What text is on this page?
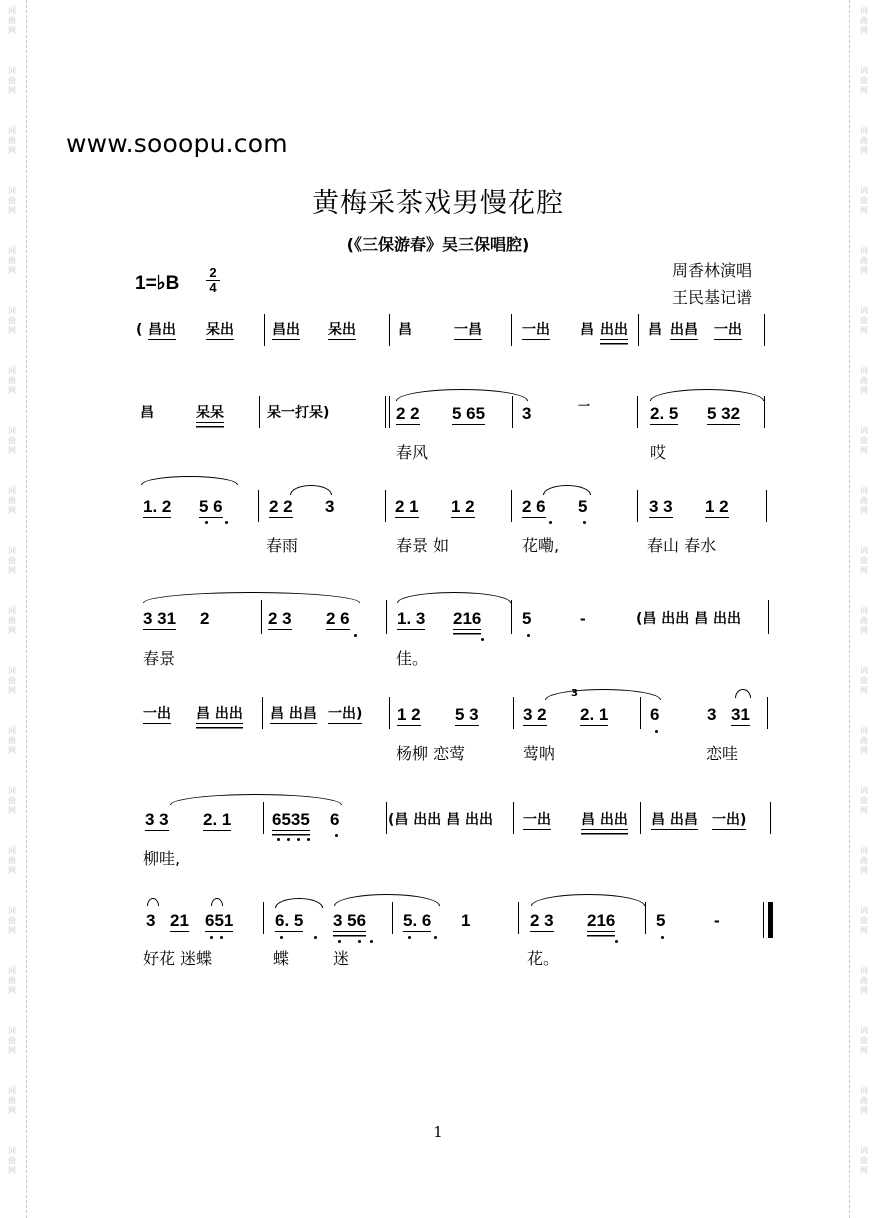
词
曲
网
词
曲
网
词
曲
网
词
曲
网
词
曲
网
词
曲
网
词
曲
网
词
曲
网
词
曲
网
词
曲
网
词
曲
网
词
曲
网
词
曲
网
词
曲
网
词
曲
网
词
曲
网
词
曲
网
词
曲
网
词
曲
网
词
曲
网
词
曲
网
词
曲
网
词
曲
网
词
曲
网
词
曲
网
词
曲
网
词
曲
网
词
曲
网
词
曲
网
词
曲
网
词
曲
网
词
曲
网
词
曲
网
词
曲
网
词
曲
网
词
曲
网
词
曲
网
词
曲
网
词
曲
网
词
曲
网
www.sooopu.com
黄梅采茶戏男慢花腔
(《三保游春》吴三保唱腔)
1=♭B
2
4
周香林演唱
王民基记谱
( 昌出 呆出	昌出 呆出	昌	一昌	一出 昌 出出 昌 出昌 一出
昌	呆呆	呆一打呆)	2 2 5 65 3	一	2. 5 5 32
春风	哎
1. 2 5 6	2 2 3	2 1 1 2	2 6 5	3 3 1 2
春雨	春景 如	花嘞,	春山 春水
3 31 2	2 3 2 6	1. 3 216 5	-	(昌 出出 昌 出出
春景	佳。
一出 昌 出出 昌 出昌 一出) 1 2 5 3
3
3 2 2. 1 6	3 31
杨柳 恋莺	莺呐	恋哇
3 3 2. 1 6535 6	(昌 出出 昌 出出 一出 昌 出出 昌 出昌 一出)
柳哇,
3 21 651 6. 5 3 56 5. 6 1	2 3 216 5	-
好花 迷蝶	蝶	迷	花。
1
